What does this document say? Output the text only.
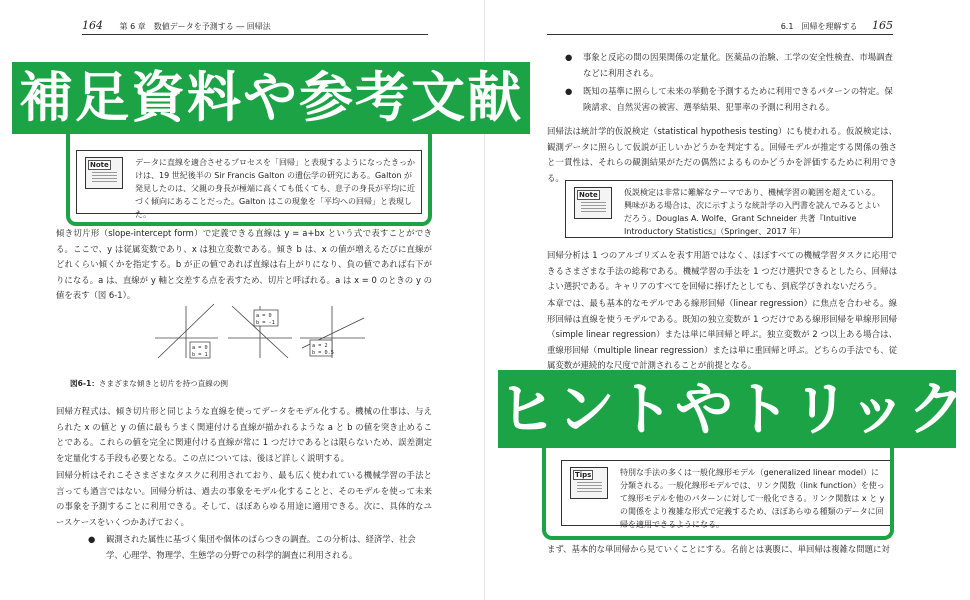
164 第 6 章　数値データを予測する ― 回帰法
Note	データに直線を適合させるプロセスを「回帰」と表現するようになったきっかけは、19 世紀後半の Sir Francis Galton の遺伝学の研究にある。Galton が発見したのは、父親の身長が極端に高くても低くても、息子の身長が平均に近づく傾向にあることだった。Galton はこの現象を「平均への回帰」と表現した。

傾き切片形（slope-intercept form）で定義できる直線は y = a+bx という式で表すことができる。ここで、y は従属変数であり、x は独立変数である。傾き b は、x の値が増えるたびに直線がどれくらい傾くかを指定する。b が正の値であれば直線は右上がりになり、負の値であれば右下がりになる。a は、直線が y 軸と交差する点を表すため、切片と呼ばれる。a は x = 0 のときの y の値を表す（図 6-1）。

a = 0
b = 1
a = 0
b = -1
a = 2
b = 0.5
図6-1：さまざまな傾きと切片を持つ直線の例

回帰方程式は、傾き切片形と同じような直線を使ってデータをモデル化する。機械の仕事は、与えられた x の値と y の値に最もうまく関連付ける直線が描かれるような a と b の値を突き止めることである。これらの値を完全に関連付ける直線が常に 1 つだけであるとは限らないため、誤差測定を定量化する手段も必要となる。この点については、後ほど詳しく説明する。

回帰分析はそれこそさまざまなタスクに利用されており、最も広く使われている機械学習の手法と言っても過言ではない。回帰分析は、過去の事象をモデル化することと、そのモデルを使って未来の事象を予測することに利用できる。そして、ほぼあらゆる用途に適用できる。次に、具体的なユースケースをいくつかあげておく。

● 観測された属性に基づく集団や個体のばらつきの調査。この分析は、経済学、社会学、心理学、物理学、生態学の分野での科学的調査に利用される。
6.1　回帰を理解する 165
● 事象と反応の間の因果関係の定量化。医薬品の治験、工学の安全性検査、市場調査などに利用される。
● 既知の基準に照らして未来の挙動を予測するために利用できるパターンの特定。保険請求、自然災害の被害、選挙結果、犯罪率の予測に利用される。

回帰法は統計学的仮説検定（statistical hypothesis testing）にも使われる。仮説検定は、観測データに照らして仮説が正しいかどうかを判定する。回帰モデルが推定する関係の強さと一貫性は、それらの観測結果がただの偶然によるものかどうかを評価するために利用できる。

Note	仮説検定は非常に難解なテーマであり、機械学習の範囲を超えている。興味がある場合は、次に示すような統計学の入門書を読んでみるとよいだろう。Douglas A. Wolfe、Grant Schneider 共著『Intuitive Introductory Statistics』（Springer、2017 年）

回帰分析は 1 つのアルゴリズムを表す用語ではなく、ほぼすべての機械学習タスクに応用できるさまざまな手法の総称である。機械学習の手法を 1 つだけ選択できるとしたら、回帰はよい選択である。キャリアのすべてを回帰に捧げたとしても、到底学びきれないだろう。

本章では、最も基本的なモデルである線形回帰（linear regression）に焦点を合わせる。線形回帰は直線を使うモデルである。既知の独立変数が 1 つだけである線形回帰を単線形回帰（simple linear regression）または単に単回帰と呼ぶ。独立変数が 2 つ以上ある場合は、重線形回帰（multiple linear regression）または単に重回帰と呼ぶ。どちらの手法でも、従属変数が連続的な尺度で計測されることが前提となる。

Tips	特別な手法の多くは一般化線形モデル（generalized linear model）に分類される。一般化線形モデルでは、リンク関数（link function）を使って線形モデルを他のパターンに対して一般化できる。リンク関数は x と y の関係をより複雑な形式で定義するため、ほぼあらゆる種類のデータに回帰を適用できるようになる。

まず、基本的な単回帰から見ていくことにする。名前とは裏腹に、単回帰は複雑な問題に対

補足資料や参考文献
ヒントやトリック
